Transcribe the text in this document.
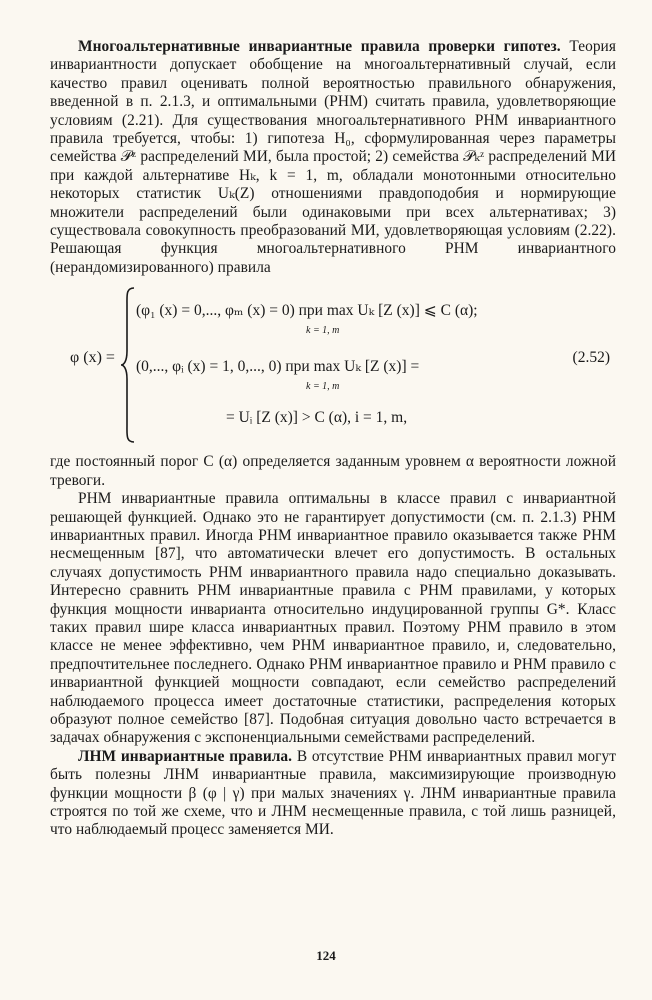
Многоальтернативные инвариантные правила проверки гипотез. Теория инвариантности допускает обобщение на многоальтернативный случай, если качество правил оценивать полной вероятностью правильного обнаружения, введенной в п. 2.1.3, и оптимальными (РНМ) считать правила, удовлетворяющие условиям (2.21). Для существования многоальтернативного РНМ инвариантного правила требуется, чтобы: 1) гипотеза H₀, сформулированная через параметры семейства 𝒫ᶻ распределений МИ, была простой; 2) семейства 𝒫ₖᶻ распределений МИ при каждой альтернативе Hₖ, k = 1, m, обладали монотонными относительно некоторых статистик Uₖ(Z) отношениями правдоподобия и нормирующие множители распределений были одинаковыми при всех альтернативах; 3) существовала совокупность преобразований МИ, удовлетворяющая условиям (2.22). Решающая функция многоальтернативного РНМ инвариантного (нерандомизированного) правила

φ (x) =
(φ₁ (x) = 0,..., φₘ (x) = 0) при max Uₖ [Z (x)] ⩽ C (α);
k = 1, m
(0,..., φᵢ (x) = 1, 0,..., 0) при max Uₖ [Z (x)] =
k = 1, m
= Uᵢ [Z (x)] > C (α), i = 1, m,
(2.52)

где постоянный порог C (α) определяется заданным уровнем α вероятности ложной тревоги.

РНМ инвариантные правила оптимальны в классе правил с инвариантной решающей функцией. Однако это не гарантирует допустимости (см. п. 2.1.3) РНМ инвариантных правил. Иногда РНМ инвариантное правило оказывается также РНМ несмещенным [87], что автоматически влечет его допустимость. В остальных случаях допустимость РНМ инвариантного правила надо специально доказывать. Интересно сравнить РНМ инвариантные правила с РНМ правилами, у которых функция мощности инварианта относительно индуцированной группы G*. Класс таких правил шире класса инвариантных правил. Поэтому РНМ правило в этом классе не менее эффективно, чем РНМ инвариантное правило, и, следовательно, предпочтительнее последнего. Однако РНМ инвариантное правило и РНМ правило с инвариантной функцией мощности совпадают, если семейство распределений наблюдаемого процесса имеет достаточные статистики, распределения которых образуют полное семейство [87]. Подобная ситуация довольно часто встречается в задачах обнаружения с экспоненциальными семействами распределений.

ЛНМ инвариантные правила. В отсутствие РНМ инвариантных правил могут быть полезны ЛНМ инвариантные правила, максимизирующие производную функции мощности β (φ | γ) при малых значениях γ. ЛНМ инвариантные правила строятся по той же схеме, что и ЛНМ несмещенные правила, с той лишь разницей, что наблюдаемый процесс заменяется МИ.

124
